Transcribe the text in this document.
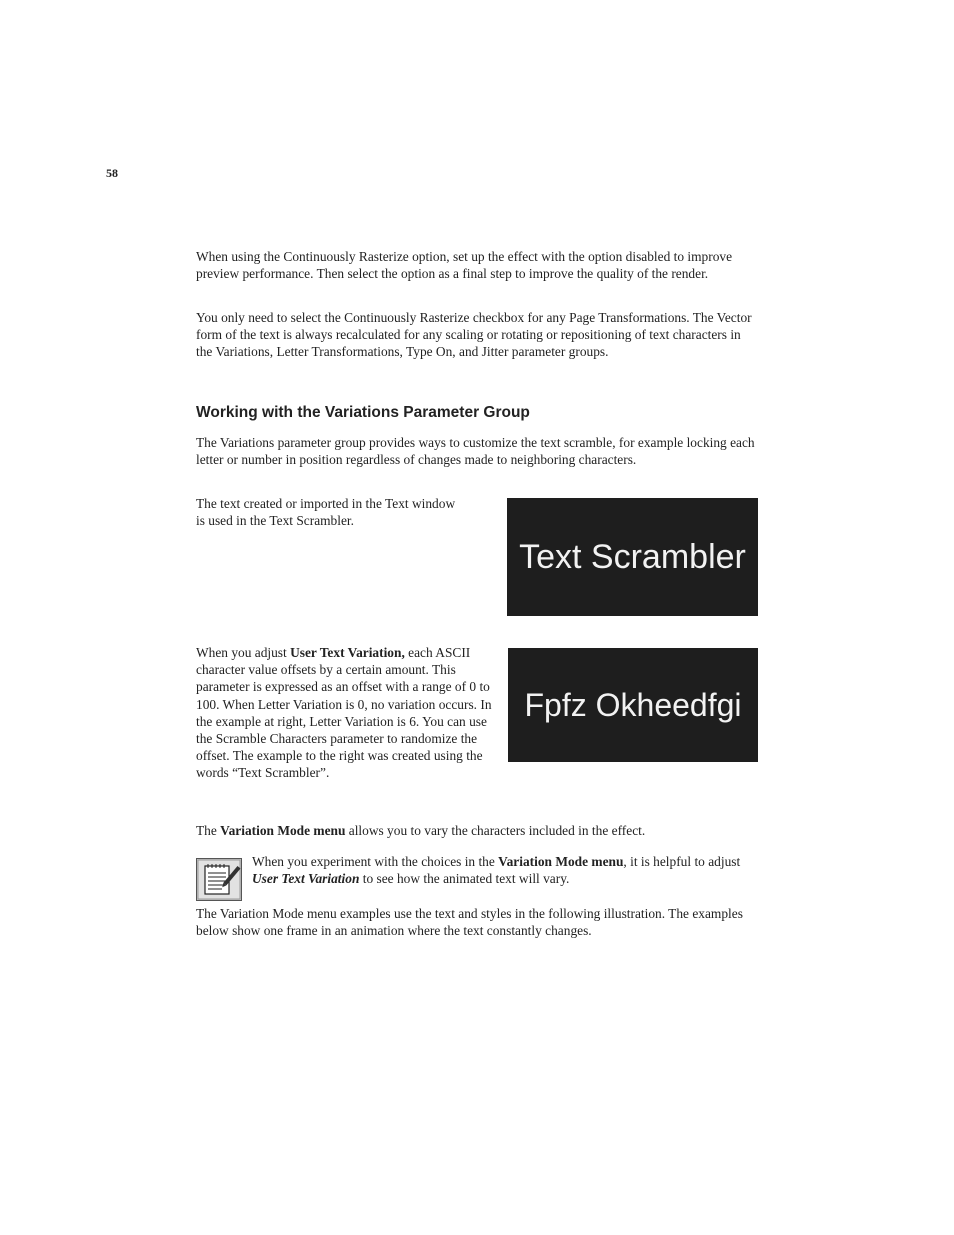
58

When using the Continuously Rasterize option, set up the effect with the option disabled to improve preview performance. Then select the option as a final step to improve the quality of the render.

You only need to select the Continuously Rasterize checkbox for any Page Transformations. The Vector form of the text is always recalculated for any scaling or rotating or repositioning of text characters in the Variations, Letter Transformations, Type On, and Jitter parameter groups.

Working with the Variations Parameter Group

The Variations parameter group provides ways to customize the text scramble, for example locking each letter or number in position regardless of changes made to neighboring characters.

The text created or imported in the Text window is used in the Text Scrambler.

Text Scrambler

When you adjust User Text Variation, each ASCII character value offsets by a certain amount. This parameter is expressed as an offset with a range of 0 to 100. When Letter Variation is 0, no variation occurs. In the example at right, Letter Variation is 6. You can use the Scramble Characters parameter to randomize the offset. The example to the right was created using the words “Text Scrambler”.

Fpfz Okheedfgi

The Variation Mode menu allows you to vary the characters included in the effect.

When you experiment with the choices in the Variation Mode menu, it is helpful to adjust User Text Variation to see how the animated text will vary.

The Variation Mode menu examples use the text and styles in the following illustration. The examples below show one frame in an animation where the text constantly changes.
